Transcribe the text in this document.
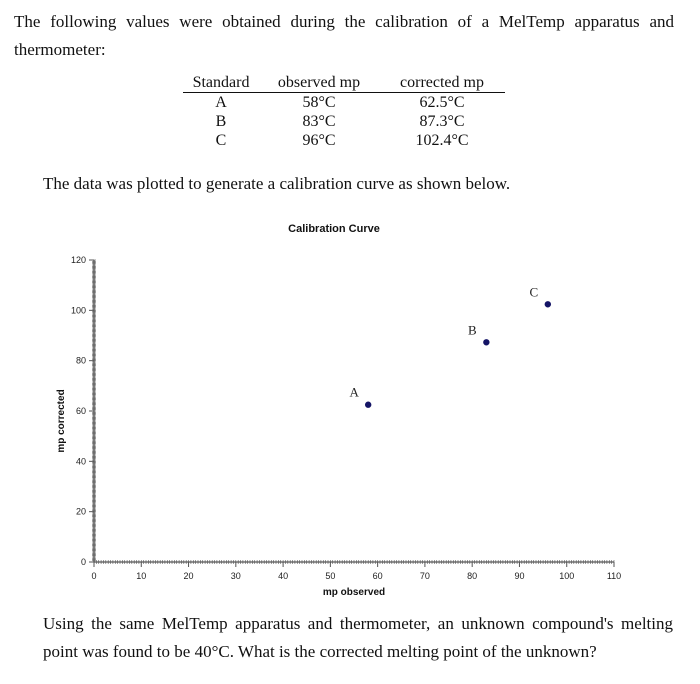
The following values were obtained during the calibration of a MelTemp apparatus and thermometer:
Standard	observed mp	corrected mp
A	58°C	62.5°C
B	83°C	87.3°C
C	96°C	102.4°C
The data was plotted to generate a calibration curve as shown below.
Calibration Curve
0	10	20	30	40	50	60	70	80	90	100	110
0
20
40
60
80
100
120
mp observed
mp corrected	A
B
C
Using the same MelTemp apparatus and thermometer, an unknown compound's melting point was found to be 40°C. What is the corrected melting point of the unknown?
